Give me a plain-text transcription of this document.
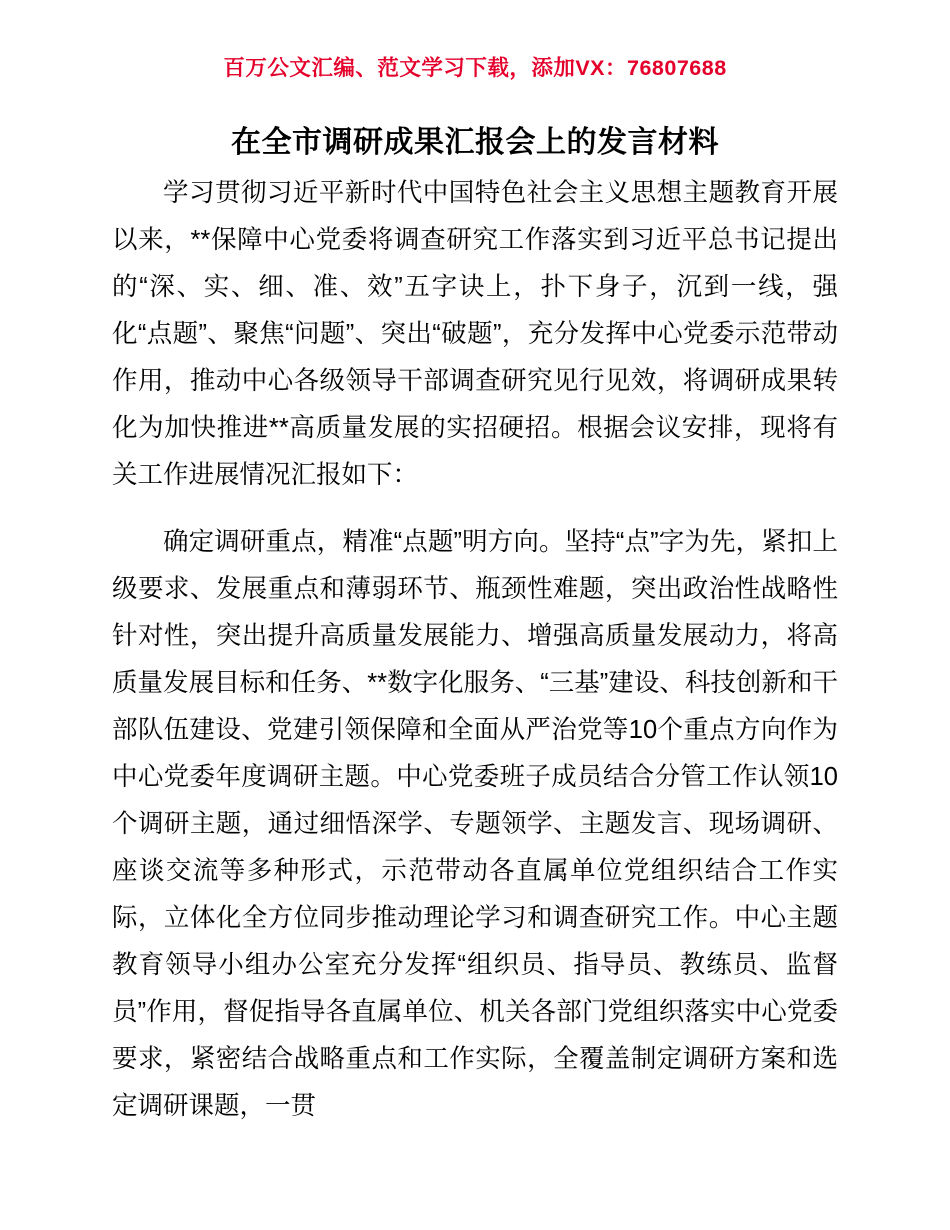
百万公文汇编、范文学习下载，添加VX：76807688
在全市调研成果汇报会上的发言材料

学习贯彻习近平新时代中国特色社会主义思想主题教育开展以来，**保障中心党委将调查研究工作落实到习近平总书记提出的“深、实、细、准、效”五字诀上，扑下身子，沉到一线，强化“点题”、聚焦“问题”、突出“破题”，充分发挥中心党委示范带动作用，推动中心各级领导干部调查研究见行见效，将调研成果转化为加快推进**高质量发展的实招硬招。根据会议安排，现将有关工作进展情况汇报如下：

确定调研重点，精准“点题”明方向。坚持“点”字为先，紧扣上级要求、发展重点和薄弱环节、瓶颈性难题，突出政治性战略性针对性，突出提升高质量发展能力、增强高质量发展动力，将高质量发展目标和任务、**数字化服务、“三基”建设、科技创新和干部队伍建设、党建引领保障和全面从严治党等10个重点方向作为中心党委年度调研主题。中心党委班子成员结合分管工作认领10个调研主题，通过细悟深学、专题领学、主题发言、现场调研、座谈交流等多种形式，示范带动各直属单位党组织结合工作实际，立体化全方位同步推动理论学习和调查研究工作。中心主题教育领导小组办公室充分发挥“组织员、指导员、教练员、监督员”作用，督促指导各直属单位、机关各部门党组织落实中心党委要求，紧密结合战略重点和工作实际，全覆盖制定调研方案和选定调研课题，一贯
